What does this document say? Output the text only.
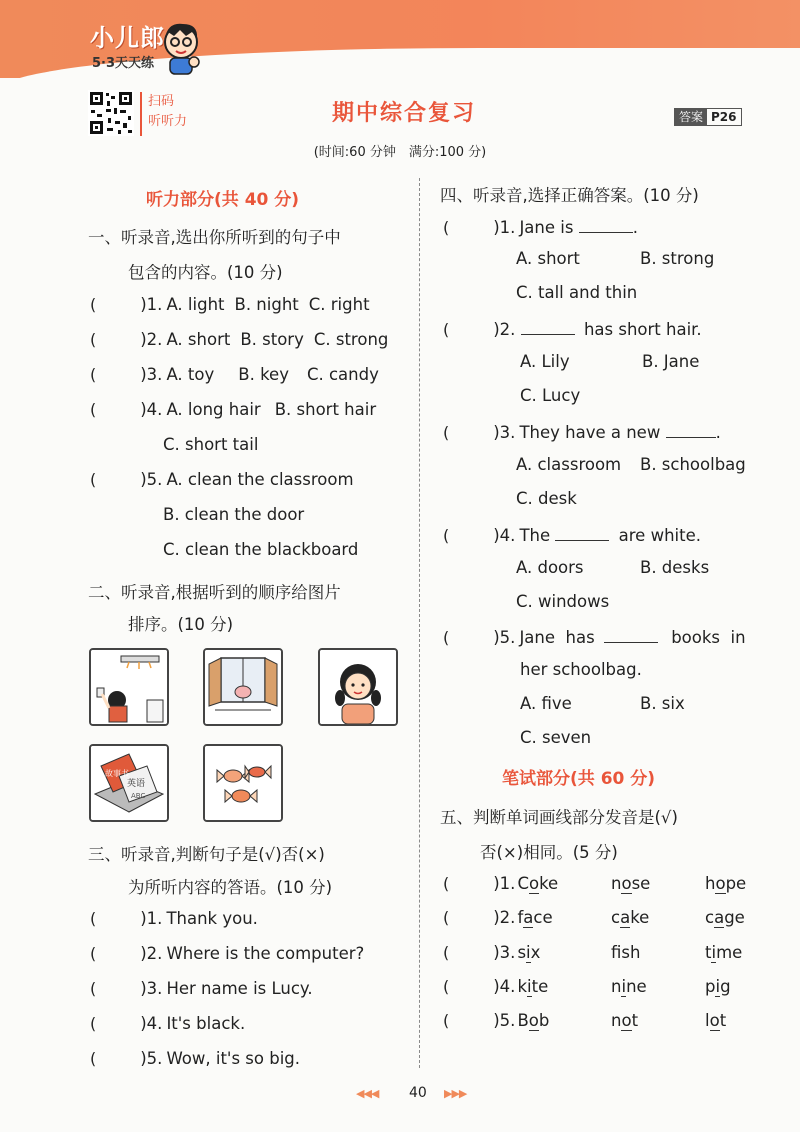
小儿郎
5·3天天练
扫码
听听力	期中综合复习
(时间:60 分钟　满分:100 分)
答案 P26
听力部分(共 40 分)
一、听录音,选出你所听到的句子中
包含的内容。(10 分)
(	)1. A. light B. night C. right
(	)2. A. short B. story C. strong
(	)3. A. toy B. key C. candy
(	)4. A. long hair B. short hair
C. short tail
(	)5. A. clean the classroom
B. clean the door
C. clean the blackboard
二、听录音,根据听到的顺序给图片
排序。(10 分)
故事书
英语
ABC
三、听录音,判断句子是(√)否(×)
为所听内容的答语。(10 分)
(	)1. Thank you.
(	)2. Where is the computer?
(	)3. Her name is Lucy.
(	)4. It's black.
(	)5. Wow, it's so big.
四、听录音,选择正确答案。(10 分)
(	)1. Jane is	.
A. short	B. strong
C. tall and thin
(	)2.	has short hair.
A. Lily	B. Jane
C. Lucy
(	)3. They have a new	.
A. classroom B. schoolbag
C. desk
(	)4. The	are white.
A. doors	B. desks
C. windows
(	)5. Jane  has	books  in
her schoolbag.
A. five	B. six
C. seven
笔试部分(共 60 分)
五、判断单词画线部分发音是(√)
否(×)相同。(5 分)
(	)1. Coke	nose	hope
(	)2. face	cake	cage
(	)3. six	fsh	time
(	)4. kite	nine	pig
(	)5. Bob	not	lot
◀◀◀ 40 ▶▶▶
